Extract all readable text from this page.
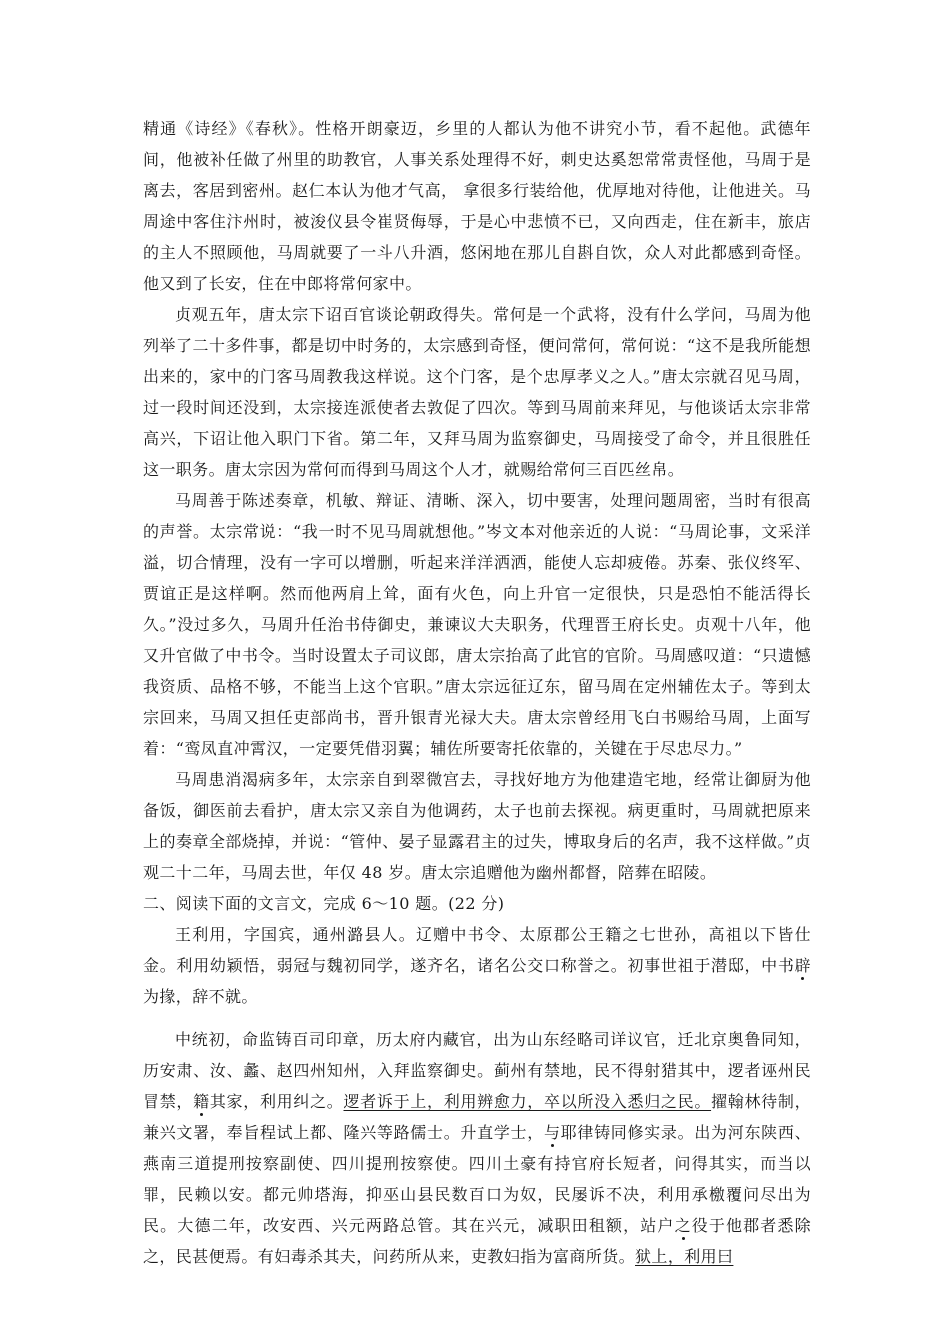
精通《诗经》《春秋》。性格开朗豪迈，乡里的人都认为他不讲究小节，看不起他。武德年间，他被补任做了州里的助教官，人事关系处理得不好，刺史达奚恕常常责怪他，马周于是离去，客居到密州。赵仁本认为他才气高， 拿很多行装给他，优厚地对待他，让他进关。马周途中客住汴州时，被浚仪县令崔贤侮辱，于是心中悲愤不已，又向西走，住在新丰，旅店的主人不照顾他，马周就要了一斗八升酒，悠闲地在那儿自斟自饮，众人对此都感到奇怪。他又到了长安，住在中郎将常何家中。

贞观五年，唐太宗下诏百官谈论朝政得失。常何是一个武将，没有什么学问，马周为他列举了二十多件事，都是切中时务的，太宗感到奇怪，便问常何，常何说：“这不是我所能想出来的，家中的门客马周教我这样说。这个门客，是个忠厚孝义之人。”唐太宗就召见马周，过一段时间还没到，太宗接连派使者去敦促了四次。等到马周前来拜见，与他谈话太宗非常高兴，下诏让他入职门下省。第二年，又拜马周为监察御史，马周接受了命令，并且很胜任这一职务。唐太宗因为常何而得到马周这个人才，就赐给常何三百匹丝帛。

马周善于陈述奏章，机敏、辩证、清晰、深入，切中要害，处理问题周密，当时有很高的声誉。太宗常说：“我一时不见马周就想他。”岑文本对他亲近的人说：“马周论事，文采洋溢，切合情理，没有一字可以增删，听起来洋洋洒洒，能使人忘却疲倦。苏秦、张仪终军、贾谊正是这样啊。然而他两肩上耸，面有火色，向上升官一定很快，只是恐怕不能活得长久。”没过多久，马周升任治书侍御史，兼谏议大夫职务，代理晋王府长史。贞观十八年，他又升官做了中书令。当时设置太子司议郎，唐太宗抬高了此官的官阶。马周感叹道：“只遗憾我资质、品格不够，不能当上这个官职。”唐太宗远征辽东，留马周在定州辅佐太子。等到太宗回来，马周又担任吏部尚书，晋升银青光禄大夫。唐太宗曾经用飞白书赐给马周，上面写着：“鸾凤直冲霄汉，一定要凭借羽翼；辅佐所要寄托依靠的，关键在于尽忠尽力。”

马周患消渴病多年，太宗亲自到翠微宫去，寻找好地方为他建造宅地，经常让御厨为他备饭，御医前去看护，唐太宗又亲自为他调药，太子也前去探视。病更重时，马周就把原来上的奏章全部烧掉，并说：“管仲、晏子显露君主的过失，博取身后的名声，我不这样做。”贞观二十二年，马周去世，年仅 48 岁。唐太宗追赠他为幽州都督，陪葬在昭陵。

二、阅读下面的文言文，完成 6～10 题。(22 分)

王利用，字国宾，通州潞县人。辽赠中书令、太原郡公王籍之七世孙，高祖以下皆仕金。利用幼颖悟，弱冠与魏初同学，遂齐名，诸名公交口称誉之。初事世祖于潜邸，中书辟为掾，辞不就。

中统初，命监铸百司印章，历太府内藏官，出为山东经略司详议官，迁北京奥鲁同知，历安肃、汝、蠡、赵四州知州，入拜监察御史。蓟州有禁地，民不得射猎其中，逻者诬州民冒禁，籍其家，利用纠之。逻者诉于上，利用辨愈力，卒以所没入悉归之民。擢翰林待制，兼兴文署，奉旨程试上都、隆兴等路儒士。升直学士，与耶律铸同修实录。出为河东陕西、燕南三道提刑按察副使、四川提刑按察使。四川土豪有持官府长短者，问得其实，而当以罪，民赖以安。都元帅塔海，抑巫山县民数百口为奴，民屡诉不决，利用承檄覆问尽出为民。大德二年，改安西、兴元两路总管。其在兴元，减职田租额，站户之役于他郡者悉除之，民甚便焉。有妇毒杀其夫，问药所从来，吏教妇指为富商所货。狱上，利用曰
